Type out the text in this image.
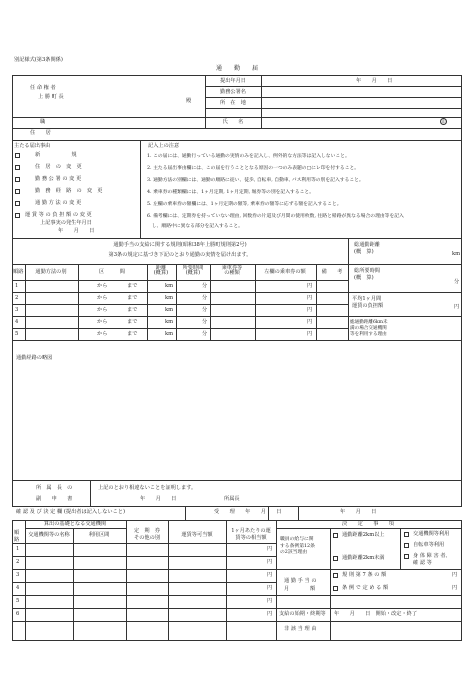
別記様式(第3条関係)
通　　勤　　届
提出年月日	年　　月　　日
任 命 権 者
上 勝 町 長
殿
勤務公署名
所　在　地
職	氏　　名	印
住　　居
主たる届出事由
新　　　　　　規
住　居　の　変　更
勤 務 公 署 の 変 更
勤　務　経　路　の　変　更
通 勤 方 法 の 変 更
運 賃 等 の 負 担 額 の 変 更
上記事実の発生年月日
年　　月　　日
記入上の注意
1. この届には、通勤行っている通勤の実情のみを記入し、例外的な方法等は記入しないこと。
2. 主たる届出事由欄には、この届を行うこととなる原因の一つのみ表題の□にレ印を付すること。
3. 通勤方法の別欄には、通勤の順路に従い、徒歩, 自転車, 自動車, バス利用等の別を記入すること。
4. 乗車券の種類欄には、1ヶ月定期, 1ヶ月定期, 堀券等の別を記入すること。
5. 左欄の乗車券の額欄には、1ヶ月定期の額等, 乗車券の額等に応ずる額を記入すること。
6. 備考欄には、定期券を持っていない理由, 回数券の片道及び月間の使用枚数, 往路と帰路が異なる場合の理由等を記入
　し、順路中に異なる部分を記入すること。
通勤手当の支給に関する規則(昭和38年上勝町規則第2号)
第3条の規定に基づき下記のとおり通勤の実情を届け出ます。
順路 通勤方法の別	区　　　間
距離
(概算)
所要時間
(概算)
乗車券等
の種類	左欄の乗車券の額	備　　考
1	から	まで	km	分	円
2	から	まで	km	分	円
3	から	まで	km	分	円
4	から	まで	km	分	円
5	から	まで	km	分	円
総通勤距離
(概　算)	km
総所要時間
(概　算)
分
平均1ヶ月間
運賃の負担額	円
総通勤距離6km未
満の場合交通機関
等を利用する理由
通勤経路の略図
所　属　長　の
副　　申　　書
上記のとおり相違ないことを証明します。
年　　月　　日	所属長
確 認 及 び 決 定 欄 (提出者は記入しないこと)	受　　理　　年　　月　　日	年　　月　　日
順
路
算出の基礎となる交通機関
交通機関等の名称	利用区間
定　期　券
その他の別
運賃等可当額
1ヶ月あたりの運
賃等の相当額
決　　定　　事　　項
職員の給与に関
する条例第12条
の2該当理由
通勤距離2km以上
通勤距離2km未満
交通機関等利用
自転車等利用
身 体 障 害 者、
確 認 等
通 勤 手 当 の
月　　　　額
規 則 第 7 条 の 額	円
条 例 で 定 め る 額	円
支給の始期・終期等 年　　月　　日　開始・改定・終了
非 該 当 理 由
1	円
2	円
3	円
4	円
5	円
6	円
